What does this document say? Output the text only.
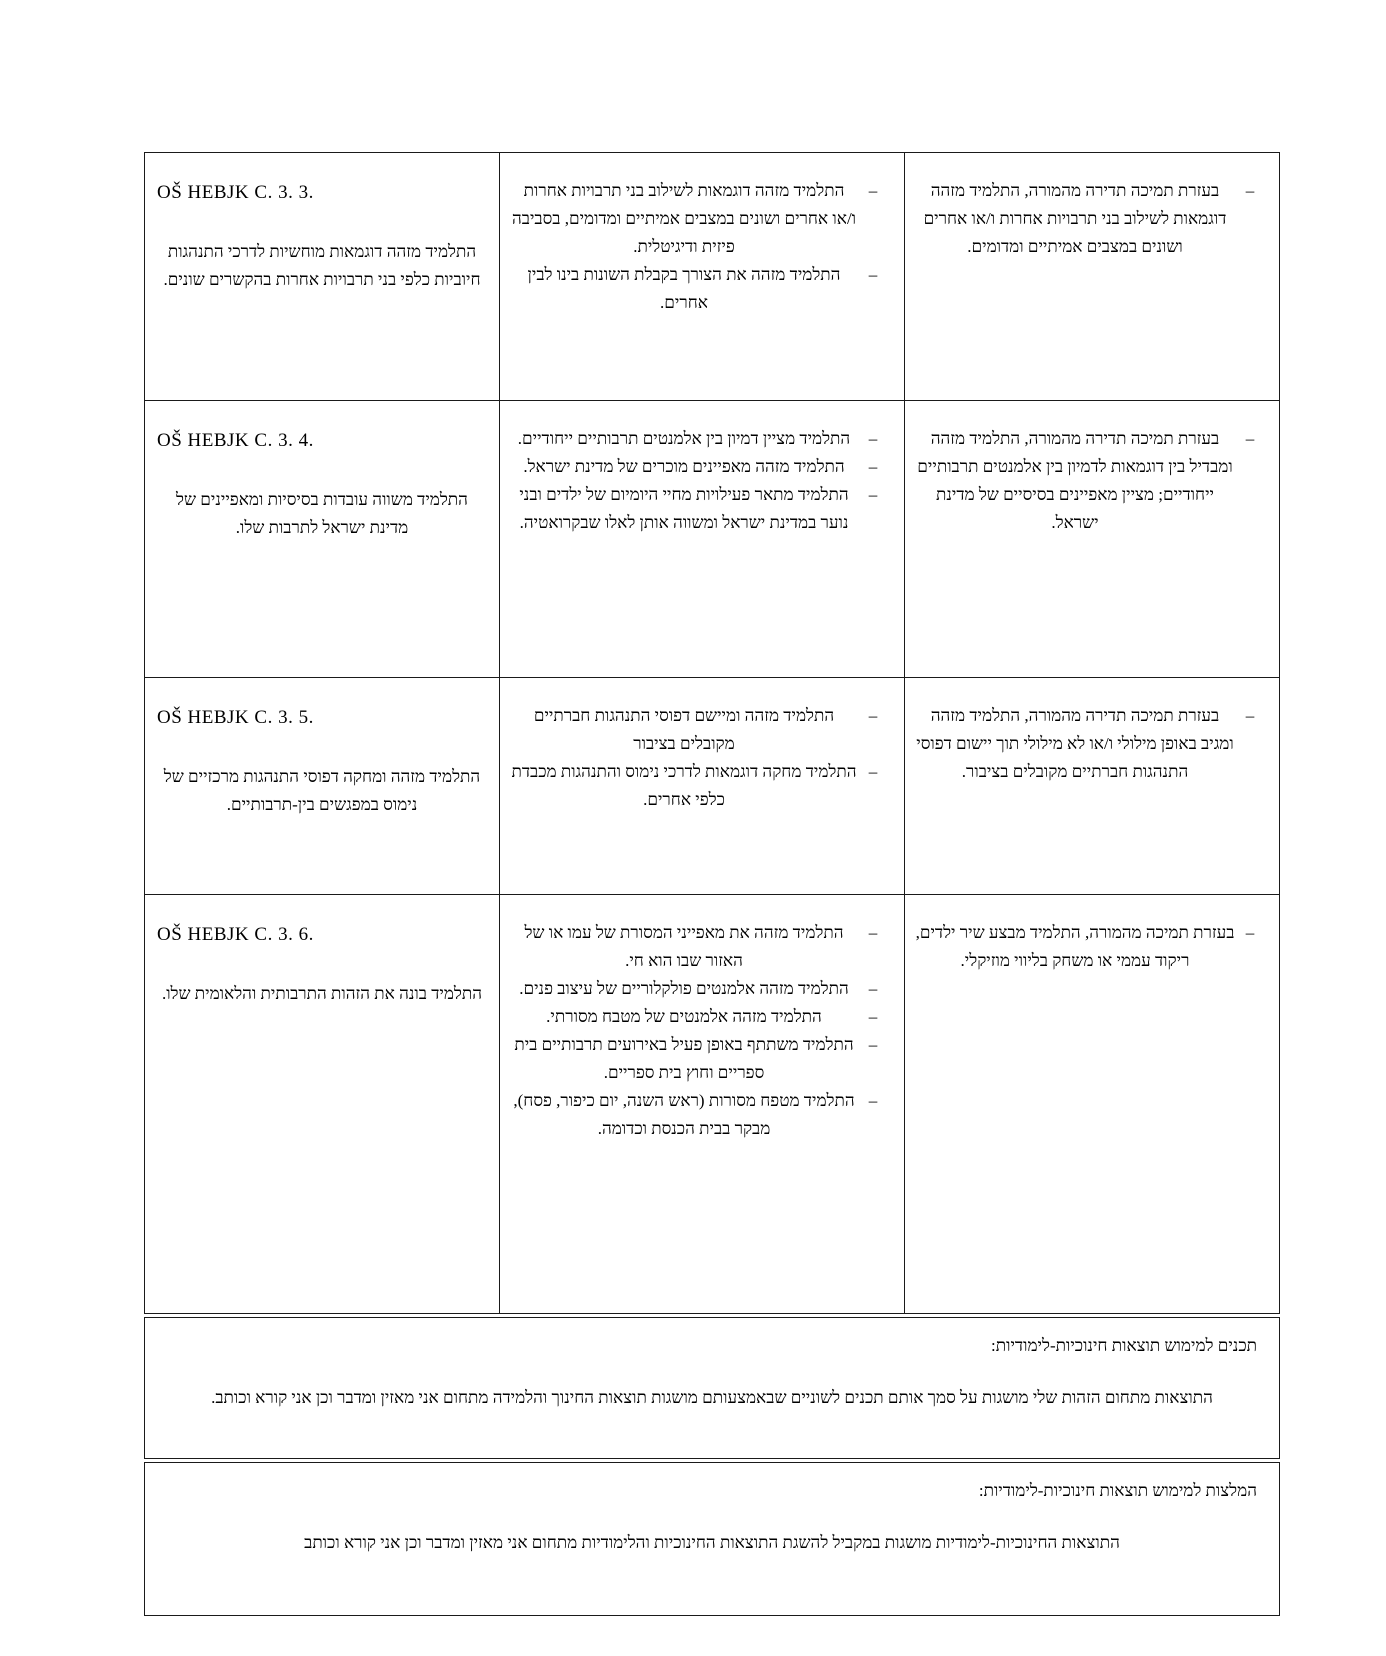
OŠ HEBJK C. 3. 3.
התלמיד מזהה דוגמאות מוחשיות לדרכי התנהגות חיוביות כלפי בני תרבויות אחרות בהקשרים שונים.
–
התלמיד מזהה דוגמאות לשילוב בני תרבויות אחרות ו/או אחרים ושונים במצבים אמיתיים ומדומים, בסביבה פיזית ודיגיטלית.
–
התלמיד מזהה את הצורך בקבלת השונות בינו לבין אחרים.
–
בעזרת תמיכה תדירה מהמורה, התלמיד מזהה דוגמאות לשילוב בני תרבויות אחרות ו/או אחרים ושונים במצבים אמיתיים ומדומים.
OŠ HEBJK C. 3. 4.
התלמיד משווה עובדות בסיסיות ומאפיינים של מדינת ישראל לתרבות שלו.
–
התלמיד מציין דמיון בין אלמנטים תרבותיים ייחודיים.
–
התלמיד מזהה מאפיינים מוכרים של מדינת ישראל.
–
התלמיד מתאר פעילויות מחיי היומיום של ילדים ובני נוער במדינת ישראל ומשווה אותן לאלו שבקרואטיה.
–
בעזרת תמיכה תדירה מהמורה, התלמיד מזהה ומבדיל בין דוגמאות לדמיון בין אלמנטים תרבותיים ייחודיים; מציין מאפיינים בסיסיים של מדינת ישראל.
OŠ HEBJK C. 3. 5.
התלמיד מזהה ומחקה דפוסי התנהגות מרכזיים של נימוס במפגשים בין-תרבותיים.
–
התלמיד מזהה ומיישם דפוסי התנהגות חברתיים מקובלים בציבור
–
התלמיד מחקה דוגמאות לדרכי נימוס והתנהגות מכבדת כלפי אחרים.
–
בעזרת תמיכה תדירה מהמורה, התלמיד מזהה ומגיב באופן מילולי ו/או לא מילולי תוך יישום דפוסי התנהגות חברתיים מקובלים בציבור.
OŠ HEBJK C. 3. 6.
התלמיד בונה את הזהות התרבותית והלאומית שלו.
–
התלמיד מזהה את מאפייני המסורת של עמו או של האזור שבו הוא חי.
–
התלמיד מזהה אלמנטים פולקלוריים של עיצוב פנים.
–
התלמיד מזהה אלמנטים של מטבח מסורתי.
–
התלמיד משתתף באופן פעיל באירועים תרבותיים בית ספריים וחוץ בית ספריים.
–
התלמיד מטפח מסורות (ראש השנה, יום כיפור, פסח), מבקר בבית הכנסת וכדומה.
–
בעזרת תמיכה מהמורה, התלמיד מבצע שיר ילדים, ריקוד עממי או משחק בליווי מוזיקלי.
תכנים למימוש תוצאות חינוכיות-לימודיות:
התוצאות מתחום הזהות שלי מושגות על סמך אותם תכנים לשוניים שבאמצעותם מושגות תוצאות החינוך והלמידה מתחום אני מאזין ומדבר וכן אני קורא וכותב.
המלצות למימוש תוצאות חינוכיות-לימודיות:
התוצאות החינוכיות-לימודיות מושגות במקביל להשגת התוצאות החינוכיות והלימודיות מתחום אני מאזין ומדבר וכן אני קורא וכותב
